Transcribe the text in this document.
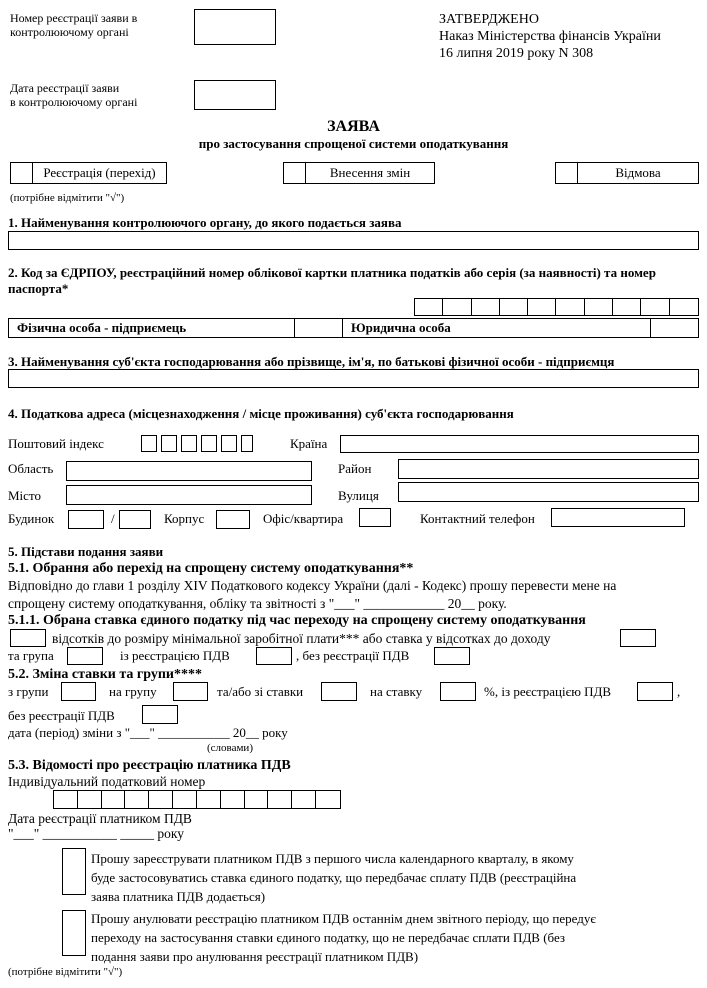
Номер реєстрації заяви в
контролюючому органі
Дата реєстрації заяви
в контролюючому органі
ЗАТВЕРДЖЕНО
Наказ Міністерства фінансів України
16 липня 2019 року N 308
ЗАЯВА
про застосування спрощеної системи оподаткування
Реєстрація (перехід)	Внесення змін	Відмова
(потрібне відмітити "√")
1. Найменування контролюючого органу, до якого подається заява
2. Код за ЄДРПОУ, реєстраційний номер облікової картки платника податків або серія (за наявності) та номер
паспорта*
Фізична особа - підприємець	Юридична особа
3. Найменування суб'єкта господарювання або прізвище, ім'я, по батькові фізичної особи - підприємця
4. Податкова адреса (місцезнаходження / місце проживання) суб'єкта господарювання
Поштовий індекс	Країна
Область	Район
Місто	Вулиця
Будинок	/	Корпус	Офіс/квартира	Контактний телефон
5. Підстави подання заяви
5.1. Обрання або перехід на спрощену систему оподаткування**
Відповідно до глави 1 розділу XIV Податкового кодексу України (далі - Кодекс) прошу перевести мене на
спрощену систему оподаткування, обліку та звітності з "___" ____________ 20__ року.
5.1.1. Обрана ставка єдиного податку під час переходу на спрощену систему оподаткування
відсотків до розміру мінімальної заробітної плати*** або ставка у відсотках до доходу
та група	із реєстрацією ПДВ	, без реєстрації ПДВ
5.2. Зміна ставки та групи****
з групи	на групу	та/або зі ставки	на ставку	%, із реєстрацією ПДВ	,
без реєстрації ПДВ
дата (період) зміни з "___" ___________ 20__ року
(словами)
5.3. Відомості про реєстрацію платника ПДВ
Індивідуальний податковий номер
Дата реєстрації платником ПДВ
"___" ___________ _____ року
Прошу зареєструвати платником ПДВ з першого числа календарного кварталу, в якому
буде застосовуватись ставка єдиного податку, що передбачає сплату ПДВ (реєстраційна
заява платника ПДВ додається)
Прошу анулювати реєстрацію платником ПДВ останнім днем звітного періоду, що передує
переходу на застосування ставки єдиного податку, що не передбачає сплати ПДВ (без
подання заяви про анулювання реєстрації платником ПДВ)
(потрібне відмітити "√")
